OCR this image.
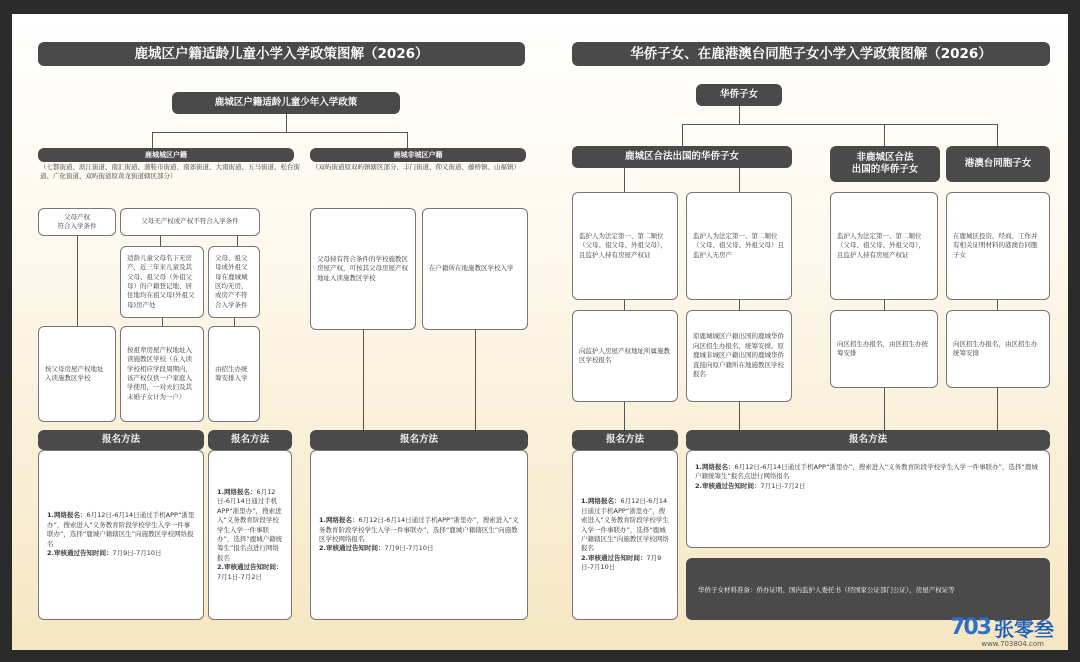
鹿城区户籍适龄儿童小学入学政策图解（2026）
鹿城区户籍适龄儿童少年入学政策
鹿城城区户籍
（七都街道、滨江街道、南汇街道、蒲鞋市街道、南郊街道、大南街道、五马街道、松台街道、广化街道、双屿街道原黄龙街道辖区部分）
鹿城非城区户籍
（双屿街道原双屿镇辖区部分、丰门街道、仰义街道、藤桥镇、山福镇）
父母产权
符合入学条件
父母无产权或产权不符合入学条件
适龄儿童父母名下无房产，近三年来儿童及其父母、祖父母（外祖父母）的户籍登记地、居住地均在祖父母(外祖父母)房产处
父母、祖父母或外祖父母在鹿城城区均无房，或房产不符合入学条件
按父母房屋产权地址入读施教区学校
按祖辈房屋产权地址入读施教区学校（在入读学校相应学段周期内，该产权仅供一户家庭入学使用，一对夫妇及其未婚子女计为一户）
由招生办统筹安排入学
父母持有符合条件的学校施教区房屋产权，可按其父母房屋产权地址入读施教区学校
在户籍所在地施教区学校入学
报名方法	报名方法	报名方法
1.网络报名：6月12日-6月14日通过手机APP“浙里办”，搜索进入“义务教育阶段学校学生入学一件事联办”，选择“鹿城户籍辖区生”向施教区学校网络报名
2.审核通过告知时间：7月9日-7月10日
1.网络报名：6月12日-6月14日通过手机APP“浙里办”，搜索进入“义务教育阶段学校学生入学一件事联办”，选择“鹿城户籍统筹生”报名点进行网络报名
2.审核通过告知时间：7月1日-7月2日
1.网络报名：6月12日-6月14日通过手机APP“浙里办”，搜索进入“义务教育阶段学校学生入学一件事联办”，选择“鹿城户籍辖区生”向施教区学校网络报名
2.审核通过告知时间：7月9日-7月10日
华侨子女、在鹿港澳台同胞子女小学入学政策图解（2026）
华侨子女
鹿城区合法出国的华侨子女	非鹿城区合法
出国的华侨子女
港澳台同胞子女
监护人为法定第一、第二顺位（父母、祖父母、外祖父母），且监护人持有房屋产权证
监护人为法定第一、第二顺位（父母、祖父母、外祖父母）且监护人无房产
监护人为法定第一、第二顺位（父母、祖父母、外祖父母），且监护人持有房屋产权证
在鹿城区投资、经商、工作并有相关证明材料的港澳台同胞子女
向监护人房屋产权地址所属施教区学校报名
原鹿城城区户籍出国的鹿城华侨向区招生办报名，统筹安排。原鹿城非城区户籍出国的鹿城华侨直接向原户籍所在地施教区学校报名
向区招生办报名，由区招生办统筹安排
向区招生办报名，由区招生办统筹安排
报名方法	报名方法
1.网络报名：6月12日-6月14日通过手机APP“浙里办”，搜索进入“义务教育阶段学校学生入学一件事联办”，选择“鹿城户籍辖区生”向施教区学校网络报名
2.审核通过告知时间：7月9日-7月10日
1.网络报名：6月12日-6月14日通过手机APP“浙里办”，搜索进入“义务教育阶段学校学生入学一件事联办”，选择“鹿城户籍统筹生”报名点进行网络报名
2.审核通过告知时间：7月1日-7月2日
华侨子女材料准备：侨办证明、国内监护人委托书（经国家公证部门公证），房屋产权证等
703 张零叁
www.703804.com
